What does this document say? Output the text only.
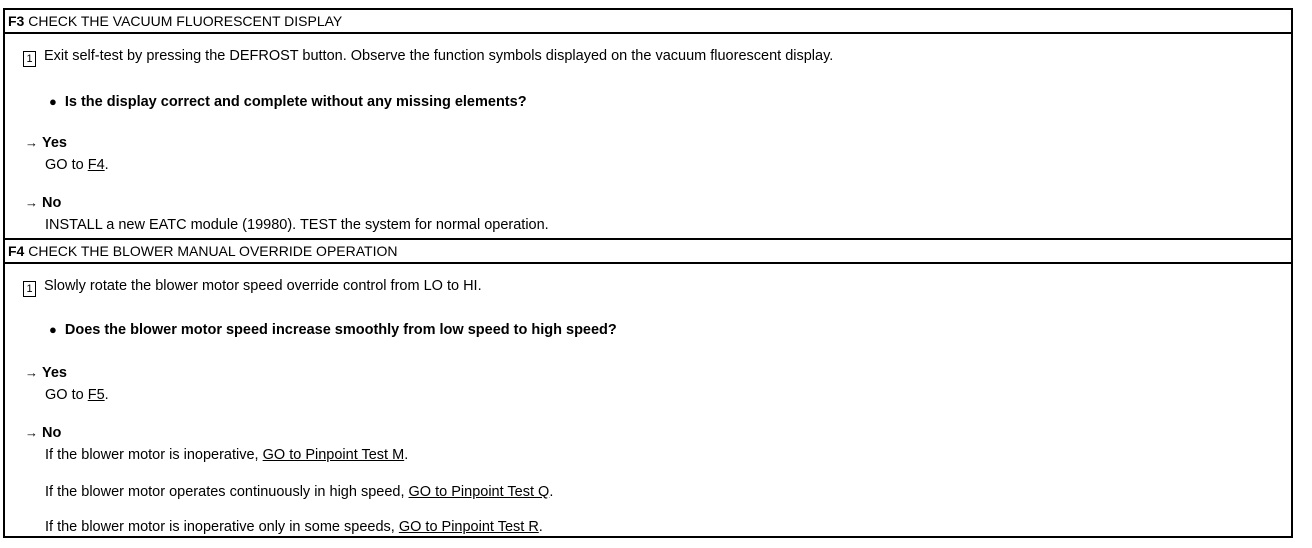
F3 CHECK THE VACUUM FLUORESCENT DISPLAY
1 Exit self-test by pressing the DEFROST button. Observe the function symbols displayed on the vacuum fluorescent display.
● Is the display correct and complete without any missing elements?
→ Yes
GO to F4.
→ No
INSTALL a new EATC module (19980). TEST the system for normal operation.
F4 CHECK THE BLOWER MANUAL OVERRIDE OPERATION
1 Slowly rotate the blower motor speed override control from LO to HI.
● Does the blower motor speed increase smoothly from low speed to high speed?
→ Yes
GO to F5.
→ No
If the blower motor is inoperative, GO to Pinpoint Test M.
If the blower motor operates continuously in high speed, GO to Pinpoint Test Q.
If the blower motor is inoperative only in some speeds, GO to Pinpoint Test R.
